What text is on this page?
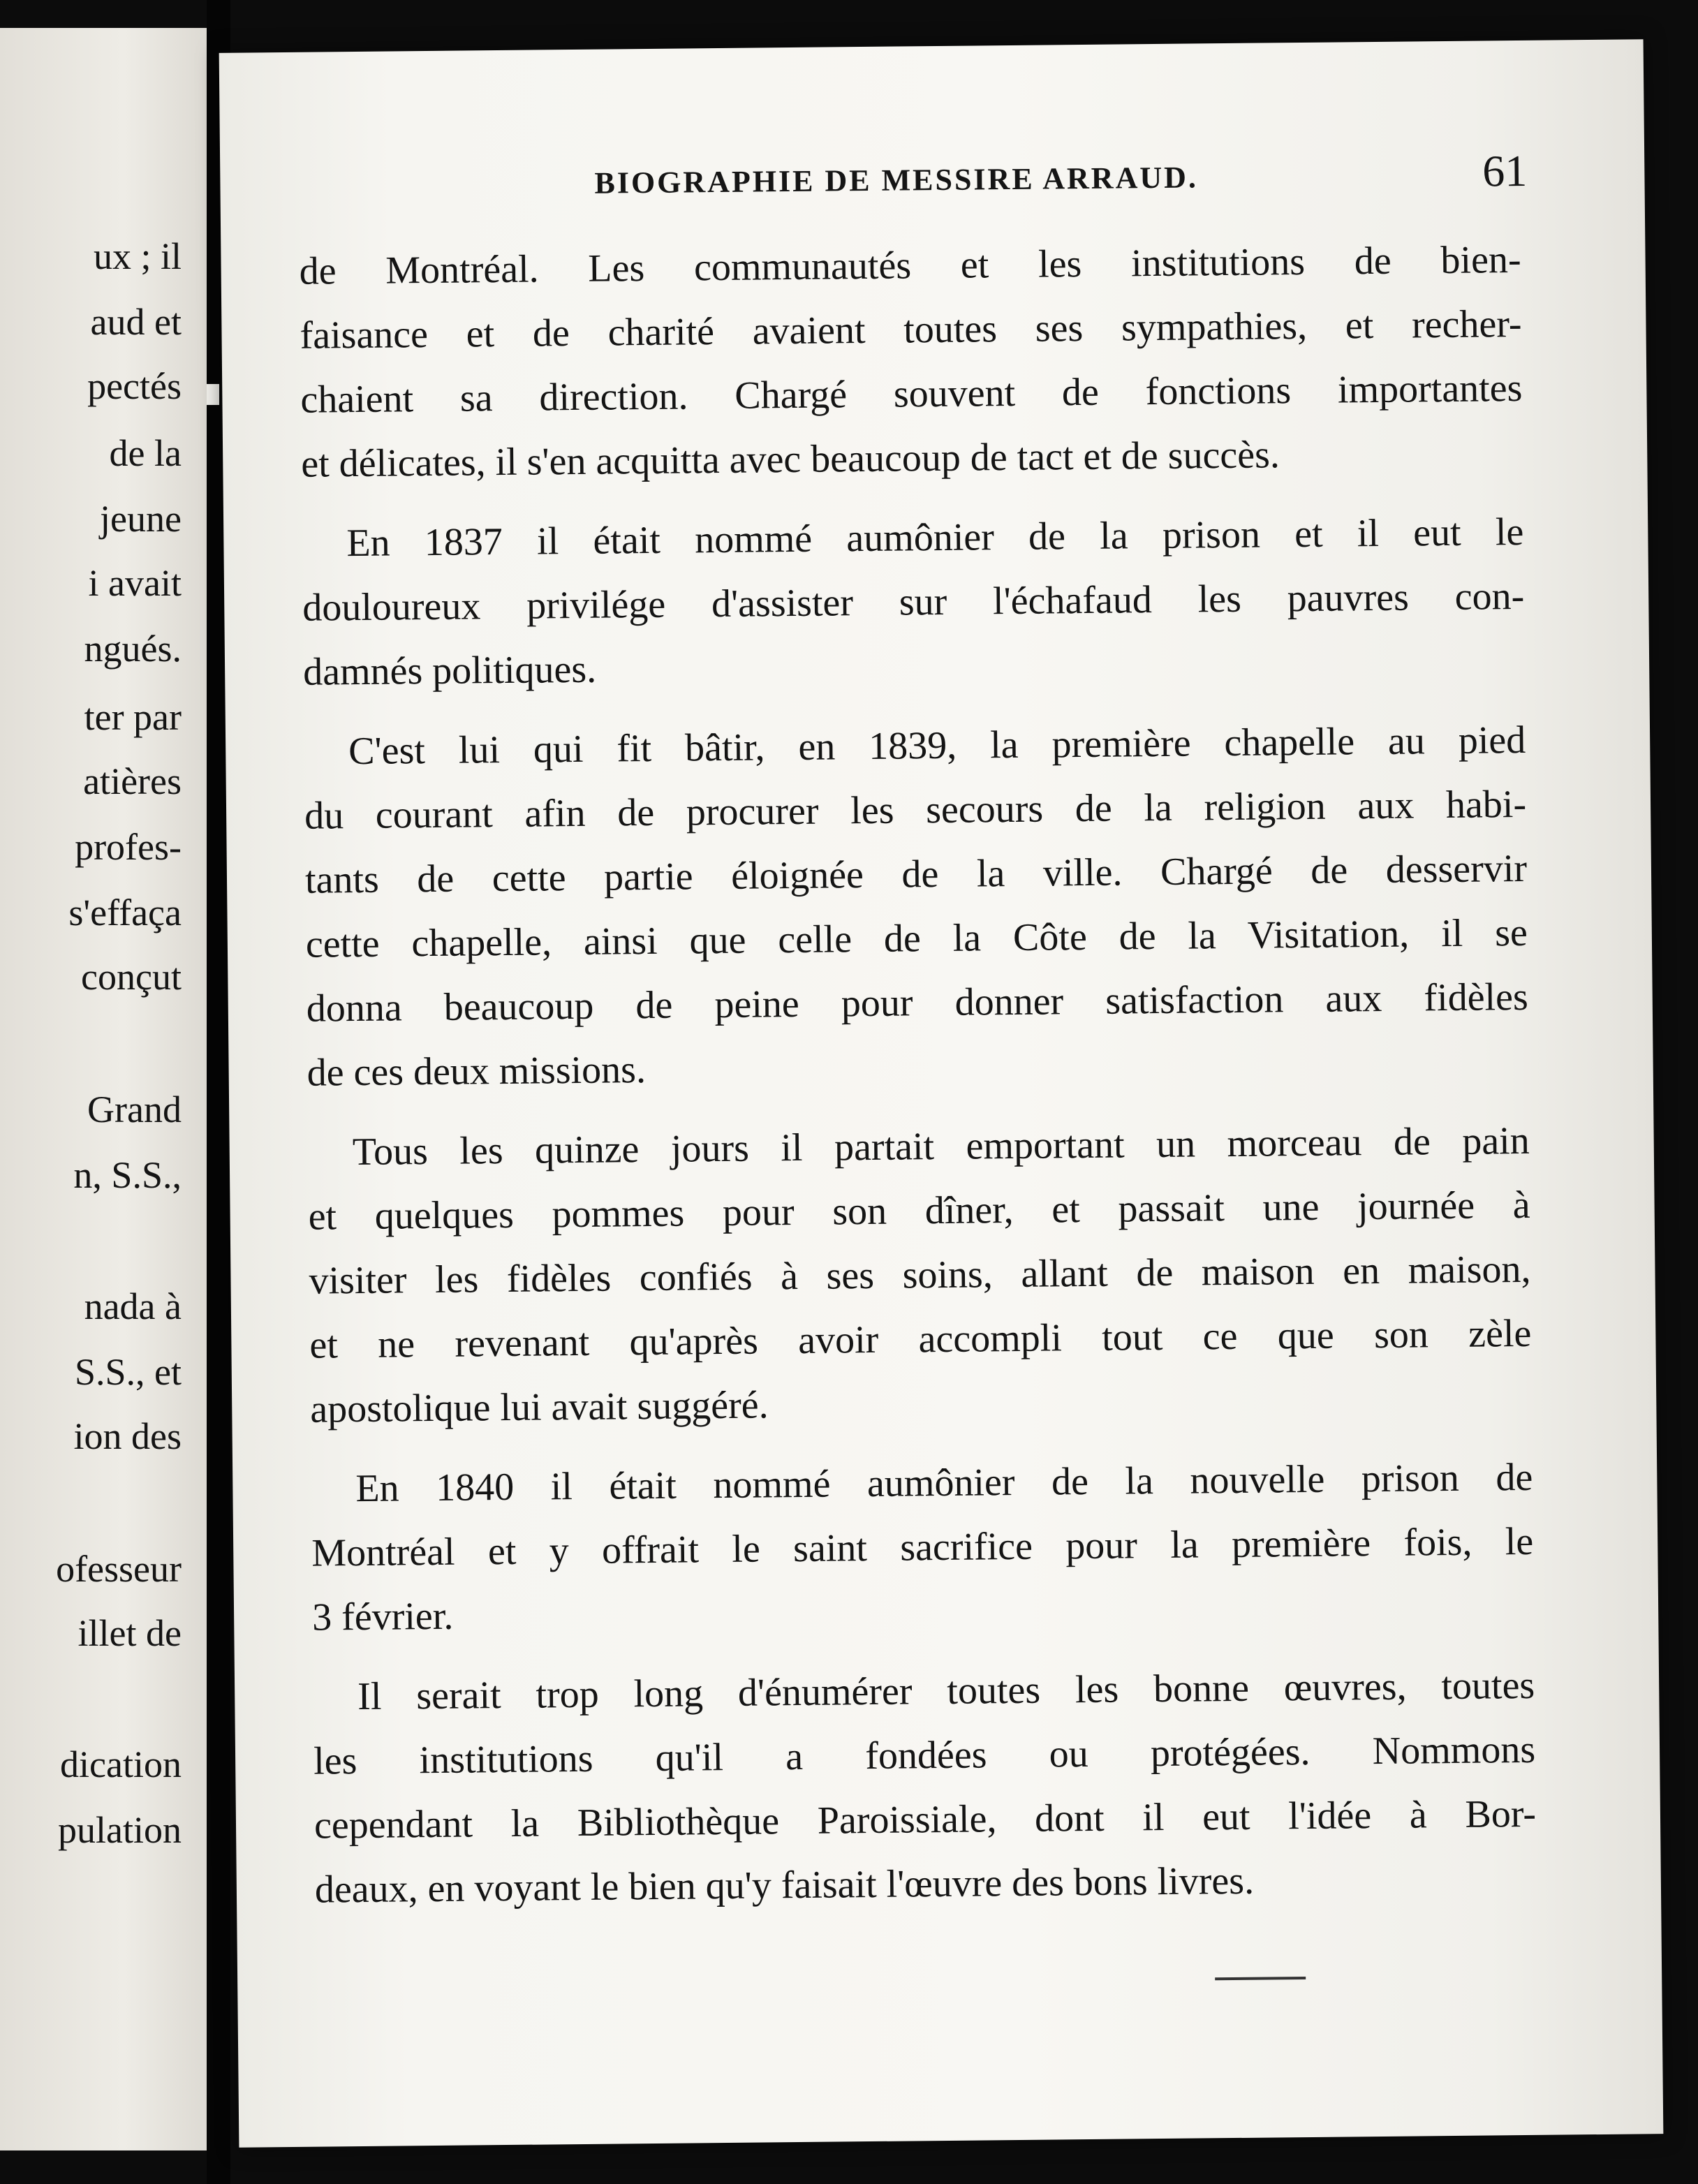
ux ; il
aud et
pectés
de la
jeune
i avait
ngués.
ter par
atières
profes-
s'effaça
conçut
Grand
n, S.S.,
nada à
S.S., et
ion des
ofesseur
illet de
dication
pulation
BIOGRAPHIE DE MESSIRE ARRAUD.	61
de Montréal. Les communautés et les institutions de bien-
faisance et de charité avaient toutes ses sympathies, et recher-
chaient sa direction. Chargé souvent de fonctions importantes
et délicates, il s'en acquitta avec beaucoup de tact et de succès.
En 1837 il était nommé aumônier de la prison et il eut le
douloureux privilége d'assister sur l'échafaud les pauvres con-
damnés politiques.
C'est lui qui fit bâtir, en 1839, la première chapelle au pied
du courant afin de procurer les secours de la religion aux habi-
tants de cette partie éloignée de la ville. Chargé de desservir
cette chapelle, ainsi que celle de la Côte de la Visitation, il se
donna beaucoup de peine pour donner satisfaction aux fidèles
de ces deux missions.
Tous les quinze jours il partait emportant un morceau de pain
et quelques pommes pour son dîner, et passait une journée à
visiter les fidèles confiés à ses soins, allant de maison en maison,
et ne revenant qu'après avoir accompli tout ce que son zèle
apostolique lui avait suggéré.
En 1840 il était nommé aumônier de la nouvelle prison de
Montréal et y offrait le saint sacrifice pour la première fois, le
3 février.
Il serait trop long d'énumérer toutes les bonne œuvres, toutes
les institutions qu'il a fondées ou protégées. Nommons
cependant la Bibliothèque Paroissiale, dont il eut l'idée à Bor-
deaux, en voyant le bien qu'y faisait l'œuvre des bons livres.
